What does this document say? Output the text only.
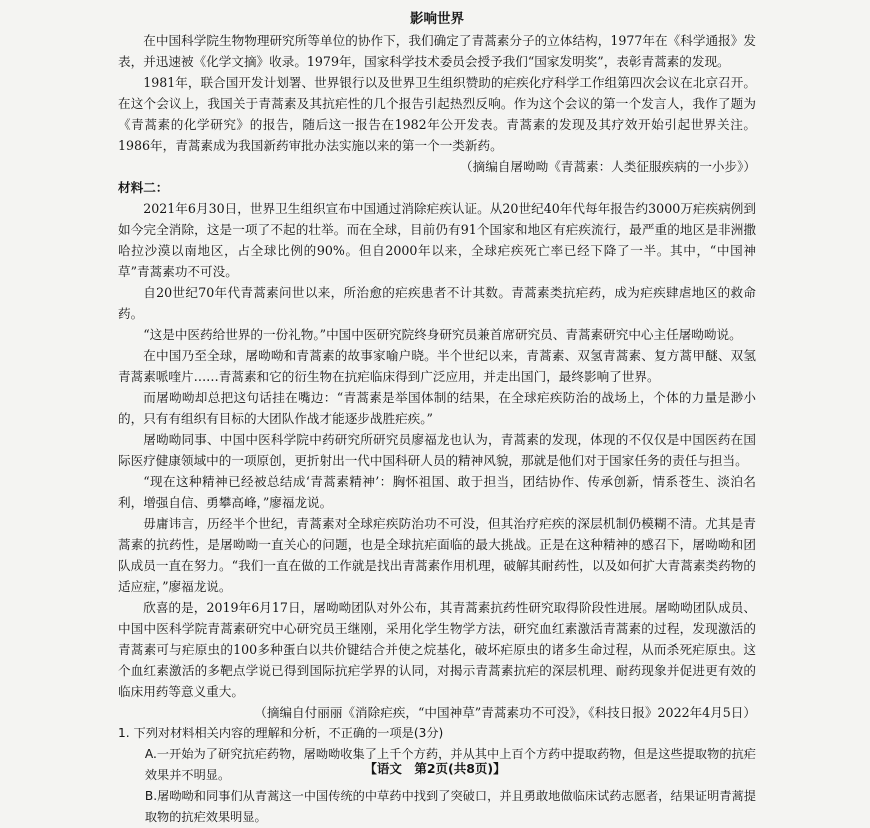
影响世界

在中国科学院生物物理研究所等单位的协作下，我们确定了青蒿素分子的立体结构，1977年在《科学通报》发表，并迅速被《化学文摘》收录。1979年，国家科学技术委员会授予我们“国家发明奖”，表彰青蒿素的发现。

1981年，联合国开发计划署、世界银行以及世界卫生组织赞助的疟疾化疗科学工作组第四次会议在北京召开。在这个会议上，我国关于青蒿素及其抗疟性的几个报告引起热烈反响。作为这个会议的第一个发言人，我作了题为《青蒿素的化学研究》的报告，随后这一报告在1982年公开发表。青蒿素的发现及其疗效开始引起世界关注。1986年，青蒿素成为我国新药审批办法实施以来的第一个一类新药。

（摘编自屠呦呦《青蒿素：人类征服疾病的一小步》）

材料二：

2021年6月30日，世界卫生组织宣布中国通过消除疟疾认证。从20世纪40年代每年报告约3000万疟疾病例到如今完全消除，这是一项了不起的壮举。而在全球，目前仍有91个国家和地区有疟疾流行，最严重的地区是非洲撒哈拉沙漠以南地区，占全球比例的90%。但自2000年以来，全球疟疾死亡率已经下降了一半。其中，“中国神草”青蒿素功不可没。

自20世纪70年代青蒿素问世以来，所治愈的疟疾患者不计其数。青蒿素类抗疟药，成为疟疾肆虐地区的救命药。

“这是中医药给世界的一份礼物。”中国中医研究院终身研究员兼首席研究员、青蒿素研究中心主任屠呦呦说。

在中国乃至全球，屠呦呦和青蒿素的故事家喻户晓。半个世纪以来，青蒿素、双氢青蒿素、复方蒿甲醚、双氢青蒿素哌喹片……青蒿素和它的衍生物在抗疟临床得到广泛应用，并走出国门，最终影响了世界。

而屠呦呦却总把这句话挂在嘴边：“青蒿素是举国体制的结果，在全球疟疾防治的战场上，个体的力量是渺小的，只有有组织有目标的大团队作战才能逐步战胜疟疾。”

屠呦呦同事、中国中医科学院中药研究所研究员廖福龙也认为，青蒿素的发现，体现的不仅仅是中国医药在国际医疗健康领域中的一项原创，更折射出一代中国科研人员的精神风貌，那就是他们对于国家任务的责任与担当。

“现在这种精神已经被总结成‘青蒿素精神’：胸怀祖国、敢于担当，团结协作、传承创新，情系苍生、淡泊名利，增强自信、勇攀高峰，”廖福龙说。

毋庸讳言，历经半个世纪，青蒿素对全球疟疾防治功不可没，但其治疗疟疾的深层机制仍模糊不清。尤其是青蒿素的抗药性，是屠呦呦一直关心的问题，也是全球抗疟面临的最大挑战。正是在这种精神的感召下，屠呦呦和团队成员一直在努力。“我们一直在做的工作就是找出青蒿素作用机理，破解其耐药性，以及如何扩大青蒿素类药物的适应症，”廖福龙说。

欣喜的是，2019年6月17日，屠呦呦团队对外公布，其青蒿素抗药性研究取得阶段性进展。屠呦呦团队成员、中国中医科学院青蒿素研究中心研究员王继刚，采用化学生物学方法，研究血红素激活青蒿素的过程，发现激活的青蒿素可与疟原虫的100多种蛋白以共价键结合并使之烷基化，破坏疟原虫的诸多生命过程，从而杀死疟原虫。这个血红素激活的多靶点学说已得到国际抗疟学界的认同，对揭示青蒿素抗疟的深层机理、耐药现象并促进更有效的临床用药等意义重大。

（摘编自付丽丽《消除疟疾，“中国神草”青蒿素功不可没》，《科技日报》2022年4月5日）

1. 下列对材料相关内容的理解和分析，不正确的一项是(3分)

A.一开始为了研究抗疟药物，屠呦呦收集了上千个方药，并从其中上百个方药中提取药物，但是这些提取物的抗疟效果并不明显。

B.屠呦呦和同事们从青蒿这一中国传统的中草药中找到了突破口，并且勇敢地做临床试药志愿者，结果证明青蒿提取物的抗疟效果明显。

【语文　第2页(共8页)】
